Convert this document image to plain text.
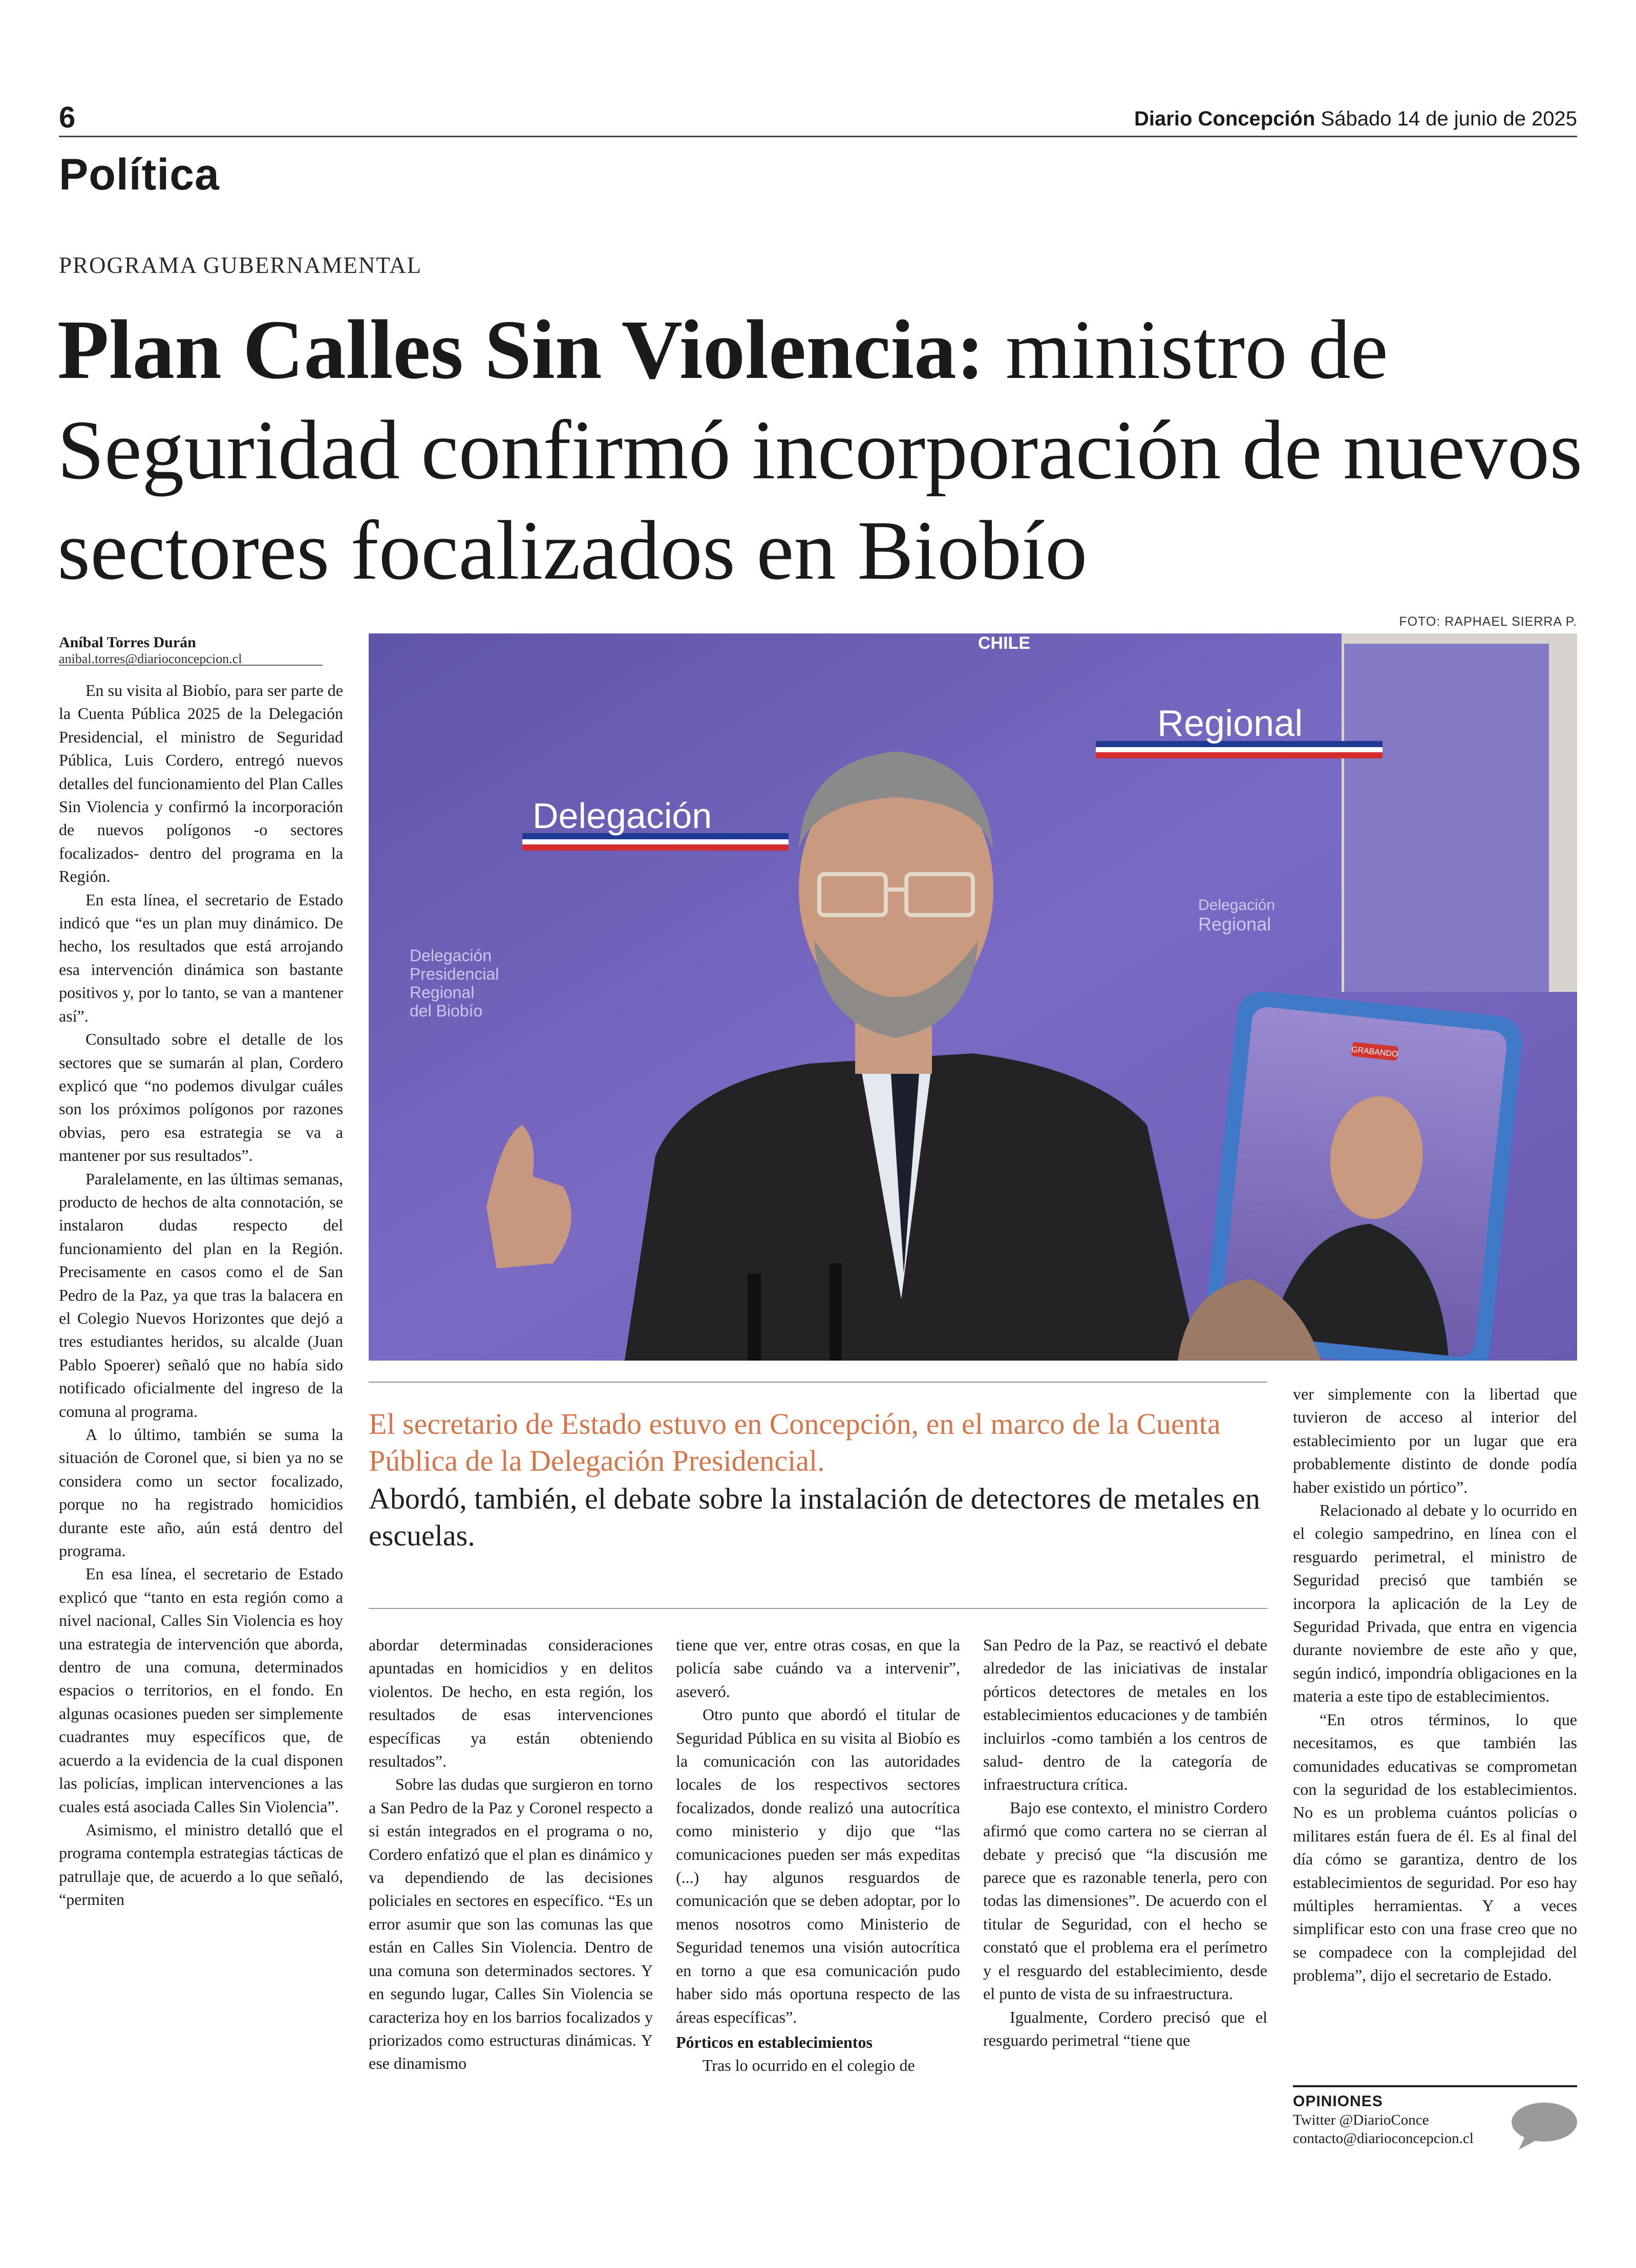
6	Diario Concepción Sábado 14 de junio de 2025
Política
PROGRAMA GUBERNAMENTAL
Plan Calles Sin Violencia: ministro de Seguridad confirmó incorporación de nuevos sectores focalizados en Biobío
FOTO: RAPHAEL SIERRA P.
Delegación
Regional
Delegación
Presidencial
Regional
del Biobío
Delegación
Regional
CHILE
GRABANDO
Aníbal Torres Durán
anibal.torres@diarioconcepcion.cl

En su visita al Biobío, para ser parte de la Cuenta Pública 2025 de la Delegación Presidencial, el ministro de Seguridad Pública, Luis Cordero, entregó nuevos detalles del funcionamiento del Plan Calles Sin Violencia y confirmó la incorporación de nuevos polígonos -o sectores focalizados- dentro del programa en la Región.

En esta línea, el secretario de Estado indicó que “es un plan muy dinámico. De hecho, los resultados que está arrojando esa intervención dinámica son bastante positivos y, por lo tanto, se van a mantener así”.

Consultado sobre el detalle de los sectores que se sumarán al plan, Cordero explicó que “no podemos divulgar cuáles son los próximos polígonos por razones obvias, pero esa estrategia se va a mantener por sus resultados”.

Paralelamente, en las últimas semanas, producto de hechos de alta connotación, se instalaron dudas respecto del funcionamiento del plan en la Región. Precisamente en casos como el de San Pedro de la Paz, ya que tras la balacera en el Colegio Nuevos Horizontes que dejó a tres estudiantes heridos, su alcalde (Juan Pablo Spoerer) señaló que no había sido notificado oficialmente del ingreso de la comuna al programa.

A lo último, también se suma la situación de Coronel que, si bien ya no se considera como un sector focalizado, porque no ha registrado homicidios durante este año, aún está dentro del programa.

En esa línea, el secretario de Estado explicó que “tanto en esta región como a nivel nacional, Calles Sin Violencia es hoy una estrategia de intervención que aborda, dentro de una comuna, determinados espacios o territorios, en el fondo. En algunas ocasiones pueden ser simplemente cuadrantes muy específicos que, de acuerdo a la evidencia de la cual disponen las policías, implican intervenciones a las cuales está asociada Calles Sin Violencia”.

Asimismo, el ministro detalló que el programa contempla estrategias tácticas de patrullaje que, de acuerdo a lo que señaló, “permiten

El secretario de Estado estuvo en Concepción, en el marco de la Cuenta Pública de la Delegación Presidencial.
Abordó, también, el debate sobre la instalación de detectores de metales en escuelas.

abordar determinadas consideraciones apuntadas en homicidios y en delitos violentos. De hecho, en esta región, los resultados de esas intervenciones específicas ya están obteniendo resultados”.

Sobre las dudas que surgieron en torno a San Pedro de la Paz y Coronel respecto a si están integrados en el programa o no, Cordero enfatizó que el plan es dinámico y va dependiendo de las decisiones policiales en sectores en específico. “Es un error asumir que son las comunas las que están en Calles Sin Violencia. Dentro de una comuna son determinados sectores. Y en segundo lugar, Calles Sin Violencia se caracteriza hoy en los barrios focalizados y priorizados como estructuras dinámicas. Y ese dinamismo

tiene que ver, entre otras cosas, en que la policía sabe cuándo va a intervenir”, aseveró.

Otro punto que abordó el titular de Seguridad Pública en su visita al Biobío es la comunicación con las autoridades locales de los respectivos sectores focalizados, donde realizó una autocrítica como ministerio y dijo que “las comunicaciones pueden ser más expeditas (...) hay algunos resguardos de comunicación que se deben adoptar, por lo menos nosotros como Ministerio de Seguridad tenemos una visión autocrítica en torno a que esa comunicación pudo haber sido más oportuna respecto de las áreas específicas”.

Pórticos en establecimientos

Tras lo ocurrido en el colegio de

San Pedro de la Paz, se reactivó el debate alrededor de las iniciativas de instalar pórticos detectores de metales en los establecimientos educaciones y de también incluirlos -como también a los centros de salud- dentro de la categoría de infraestructura crítica.

Bajo ese contexto, el ministro Cordero afirmó que como cartera no se cierran al debate y precisó que “la discusión me parece que es razonable tenerla, pero con todas las dimensiones”. De acuerdo con el titular de Seguridad, con el hecho se constató que el problema era el perímetro y el resguardo del establecimiento, desde el punto de vista de su infraestructura.

Igualmente, Cordero precisó que el resguardo perimetral “tiene que

ver simplemente con la libertad que tuvieron de acceso al interior del establecimiento por un lugar que era probablemente distinto de donde podía haber existido un pórtico”.

Relacionado al debate y lo ocurrido en el colegio sampedrino, en línea con el resguardo perimetral, el ministro de Seguridad precisó que también se incorpora la aplicación de la Ley de Seguridad Privada, que entra en vigencia durante noviembre de este año y que, según indicó, impondría obligaciones en la materia a este tipo de establecimientos.

“En otros términos, lo que necesitamos, es que también las comunidades educativas se comprometan con la seguridad de los establecimientos. No es un problema cuántos policías o militares están fuera de él. Es al final del día cómo se garantiza, dentro de los establecimientos de seguridad. Por eso hay múltiples herramientas. Y a veces simplificar esto con una frase creo que no se compadece con la complejidad del problema”, dijo el secretario de Estado.

OPINIONES
Twitter @DiarioConce
contacto@diarioconcepcion.cl
